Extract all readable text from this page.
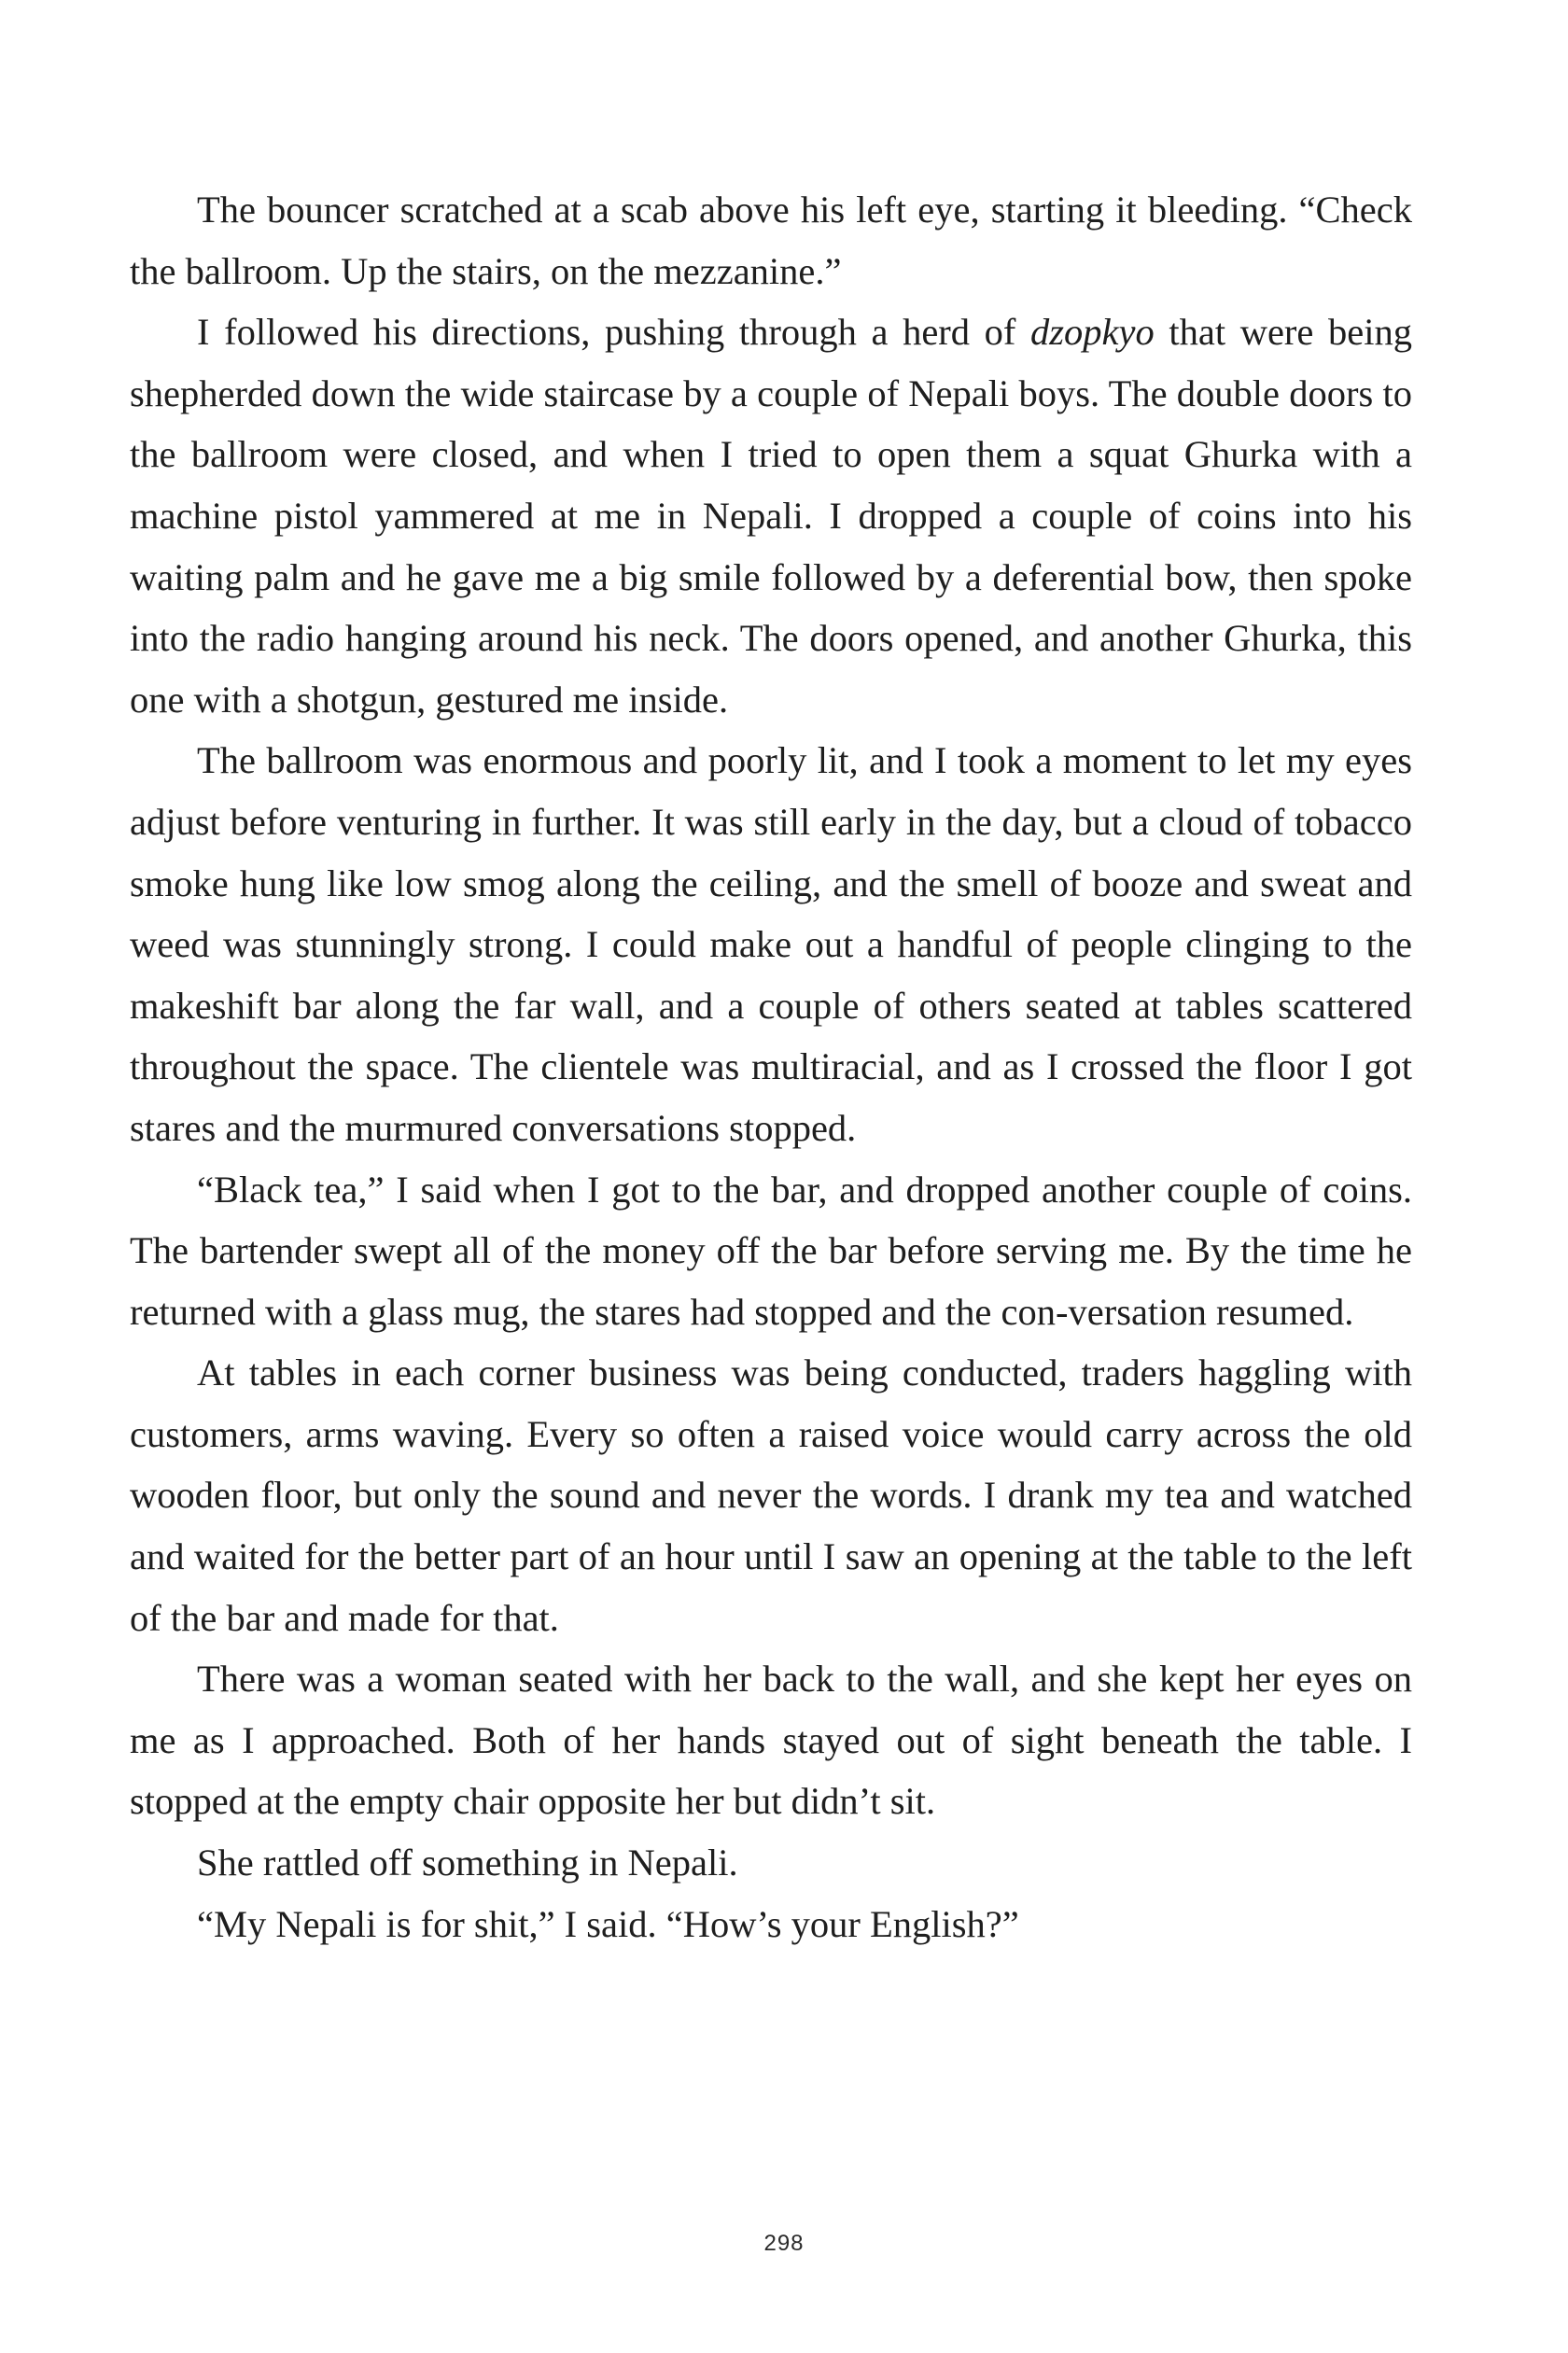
The bouncer scratched at a scab above his left eye, starting it bleeding. “Check the ballroom. Up the stairs, on the mezzanine.”

I followed his directions, pushing through a herd of dzopkyo that were being shepherded down the wide staircase by a couple of Nepali boys. The double doors to the ballroom were closed, and when I tried to open them a squat Ghurka with a machine pistol yammered at me in Nepali. I dropped a couple of coins into his waiting palm and he gave me a big smile followed by a deferential bow, then spoke into the radio hanging around his neck. The doors opened, and another Ghurka, this one with a shotgun, gestured me inside.

The ballroom was enormous and poorly lit, and I took a moment to let my eyes adjust before venturing in further. It was still early in the day, but a cloud of tobacco smoke hung like low smog along the ceiling, and the smell of booze and sweat and weed was stunningly strong. I could make out a handful of people clinging to the makeshift bar along the far wall, and a couple of others seated at tables scattered throughout the space. The clientele was multiracial, and as I crossed the floor I got stares and the murmured conversations stopped.

“Black tea,” I said when I got to the bar, and dropped another couple of coins. The bartender swept all of the money off the bar before serving me. By the time he returned with a glass mug, the stares had stopped and the con-versation resumed.

At tables in each corner business was being conducted, traders haggling with customers, arms waving. Every so often a raised voice would carry across the old wooden floor, but only the sound and never the words. I drank my tea and watched and waited for the better part of an hour until I saw an opening at the table to the left of the bar and made for that.

There was a woman seated with her back to the wall, and she kept her eyes on me as I approached. Both of her hands stayed out of sight beneath the table. I stopped at the empty chair opposite her but didn’t sit.

She rattled off something in Nepali.

“My Nepali is for shit,” I said. “How’s your English?”

298
